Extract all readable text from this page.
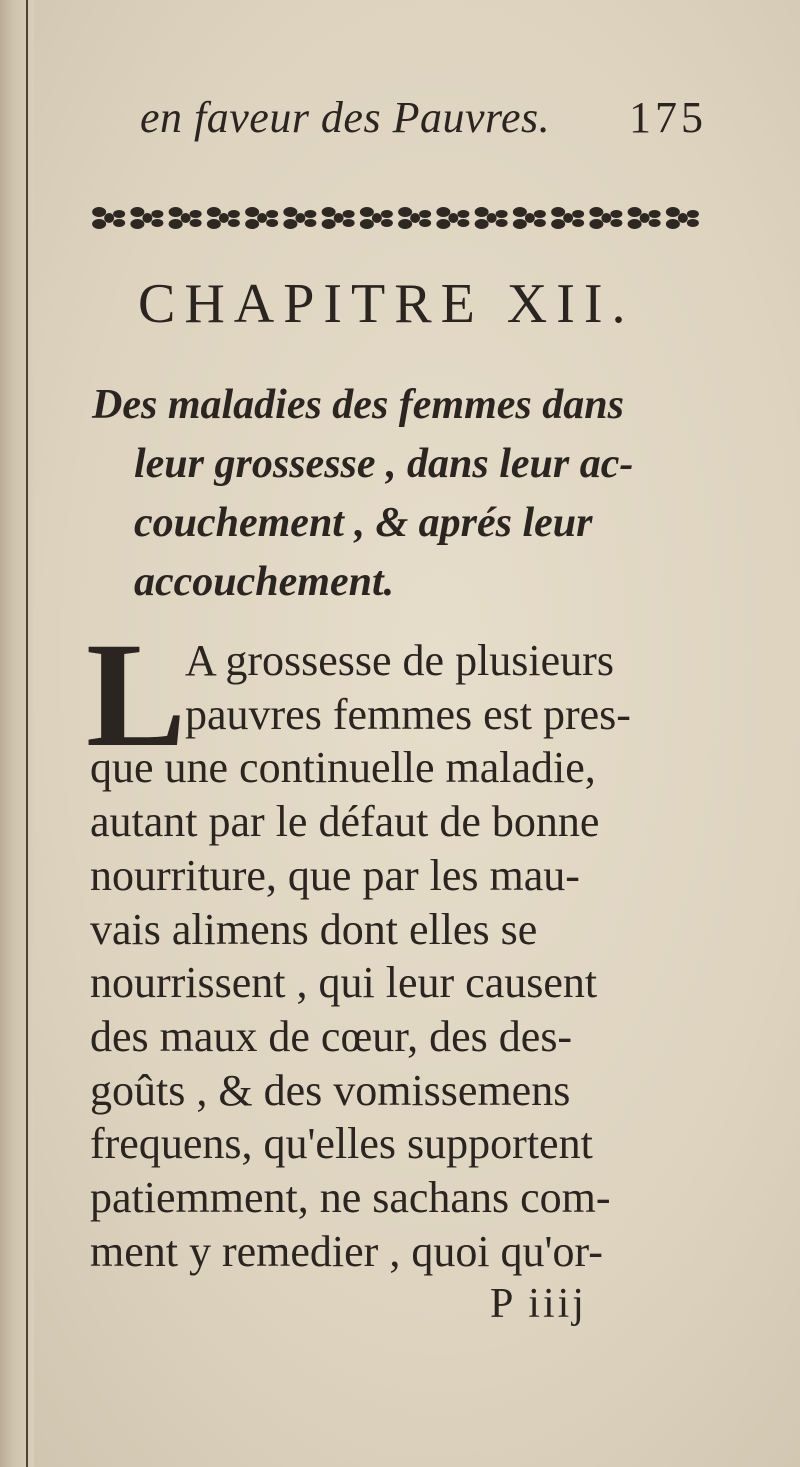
en faveur des Pauvres. 175
CHAPITRE XII.
Des maladies des femmes dans
leur grossesse , dans leur ac-
couchement , & aprés leur
accouchement.
L
A grossesse de plusieurs
pauvres femmes est pres-
que une continuelle maladie,
autant par le défaut de bonne
nourriture, que par les mau-
vais alimens dont elles se
nourrissent , qui leur causent
des maux de cœur, des des-
goûts , & des vomissemens
frequens, qu'elles supportent
patiemment, ne sachans com-
ment y remedier , quoi qu'or-
P iiij
